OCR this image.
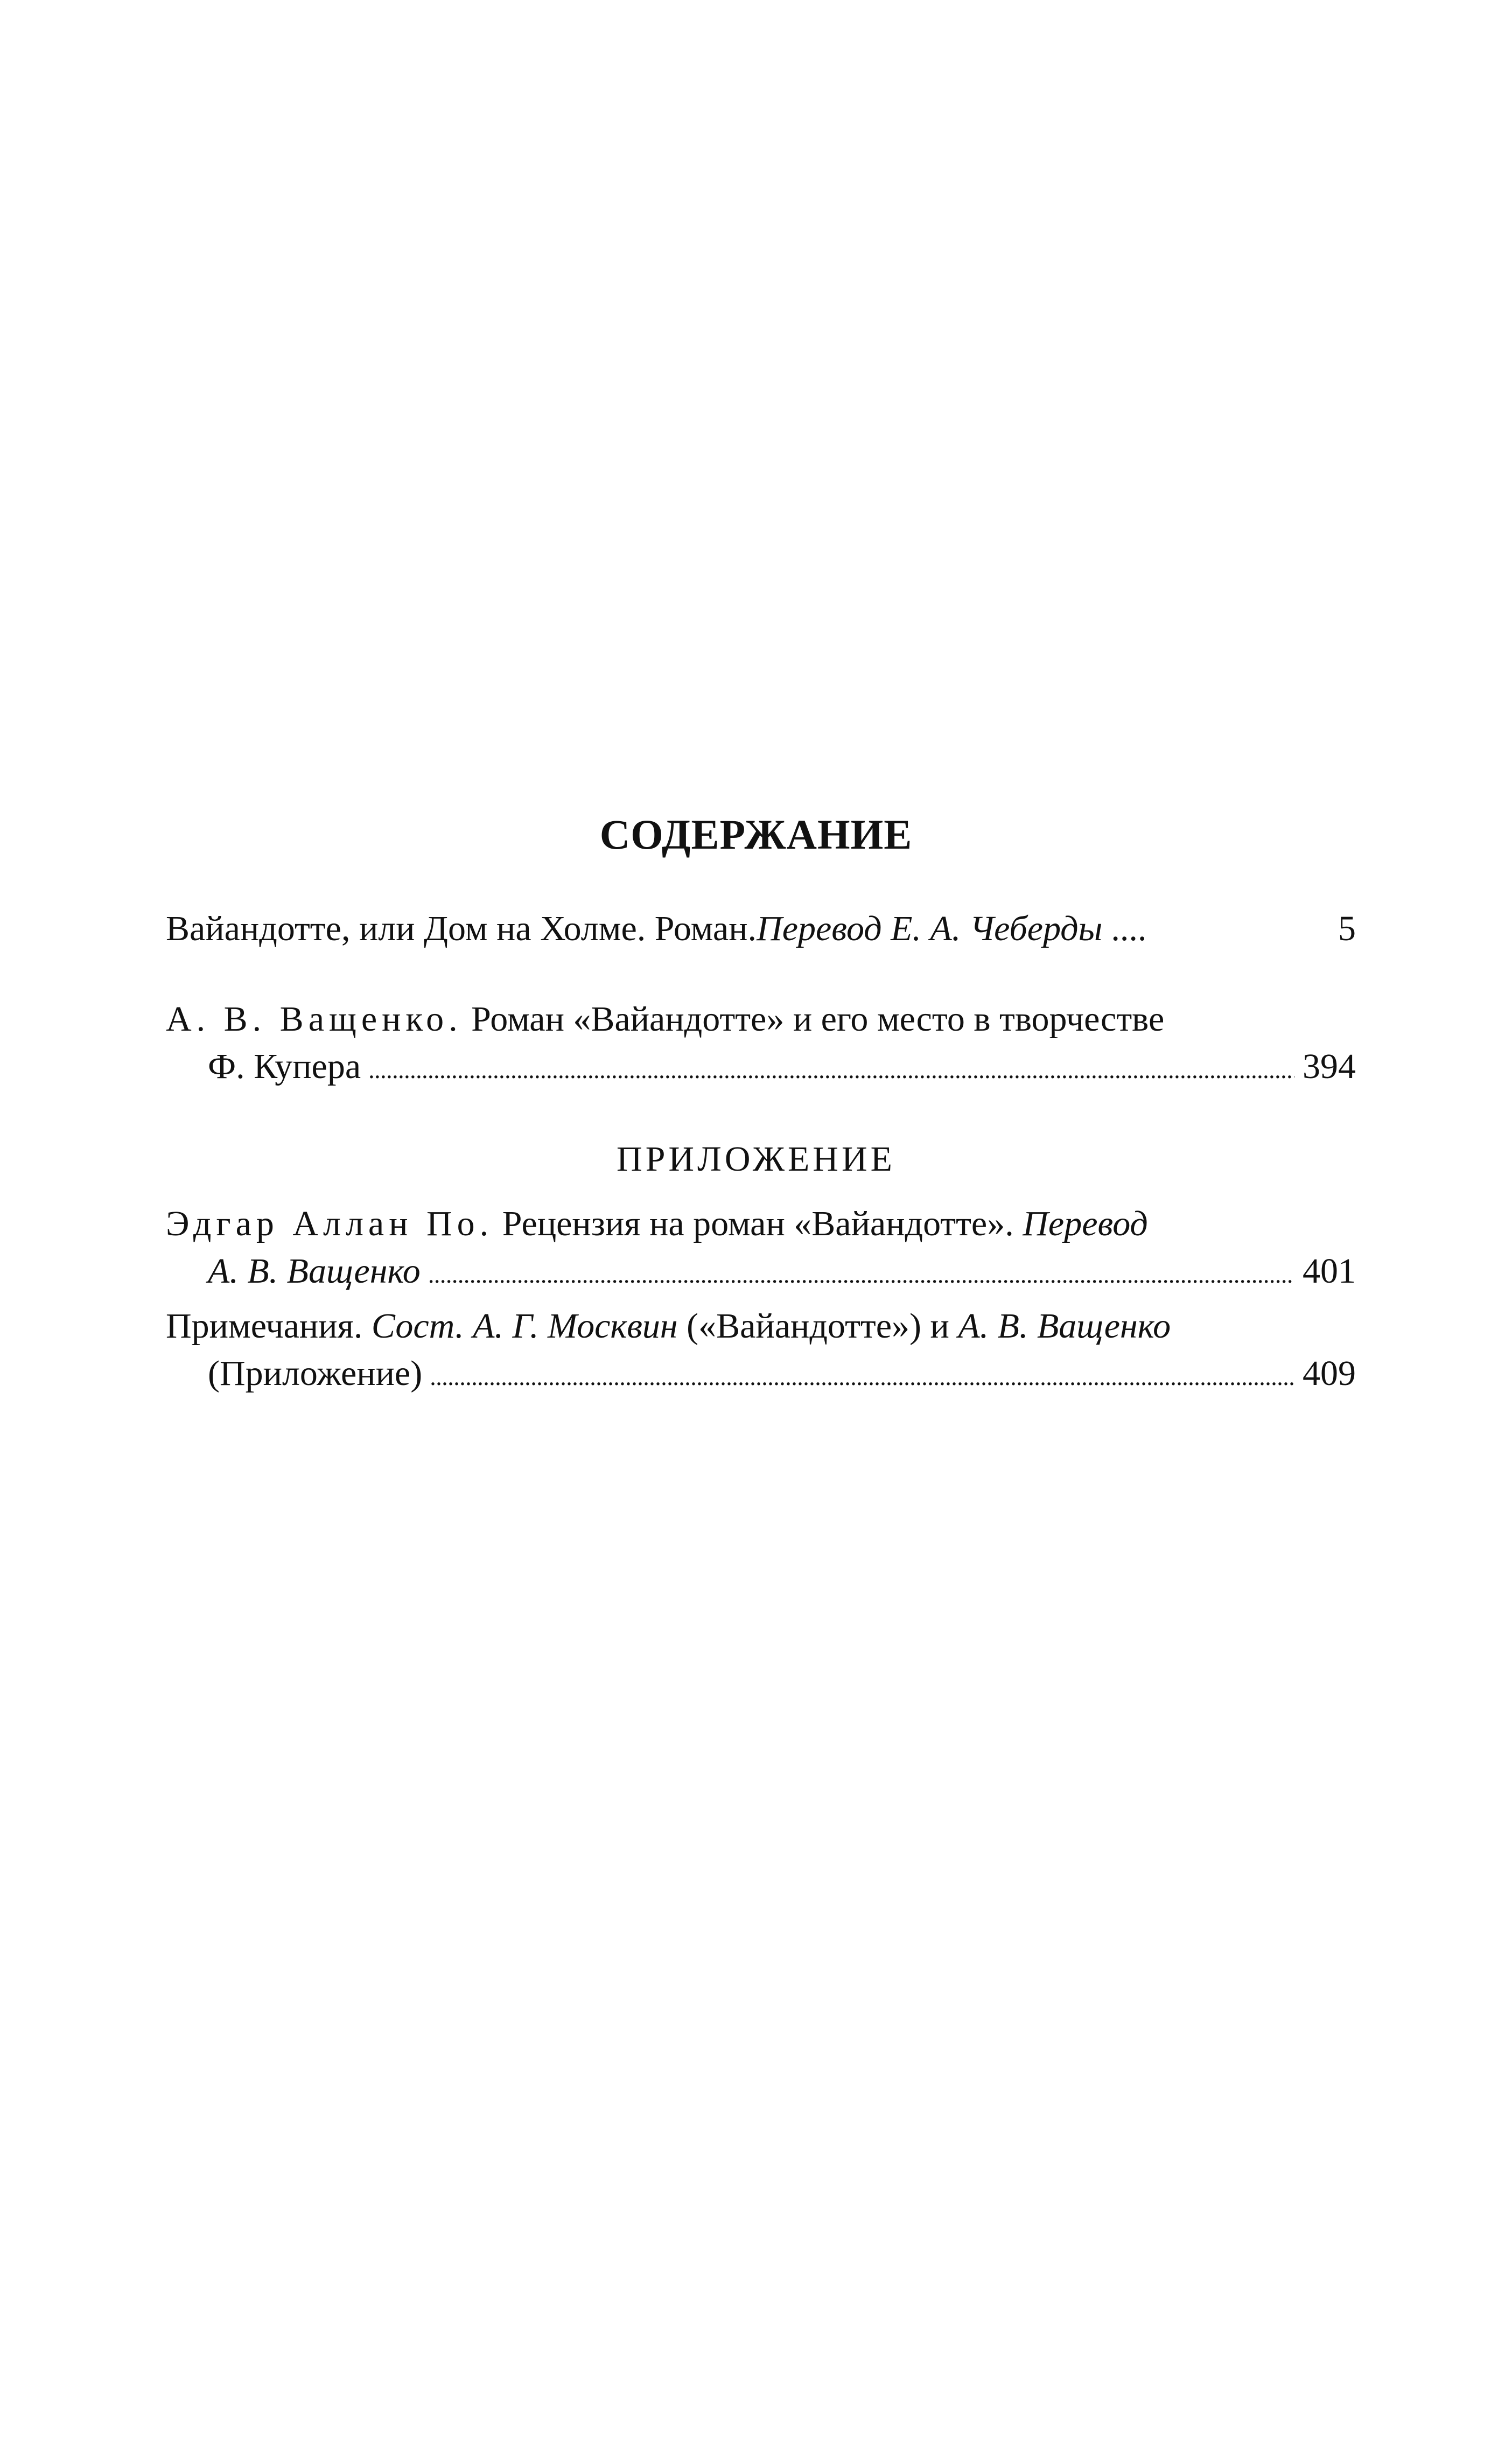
СОДЕРЖАНИЕ
Вайандотте, или Дом на Холме. Роман. Перевод Е. А. Чеберды ....	5
А. В. Ващенко. Роман «Вайандотте» и его место в творчестве
Ф. Купера . . .	394
ПРИЛОЖЕНИЕ
Эдгар Аллан По. Рецензия на роман «Вайандотте». Перевод
А. В. Ващенко . . .	401
Примечания. Сост. А. Г. Москвин («Вайандотте») и А. В. Ващенко
(Приложение) . . .	409
